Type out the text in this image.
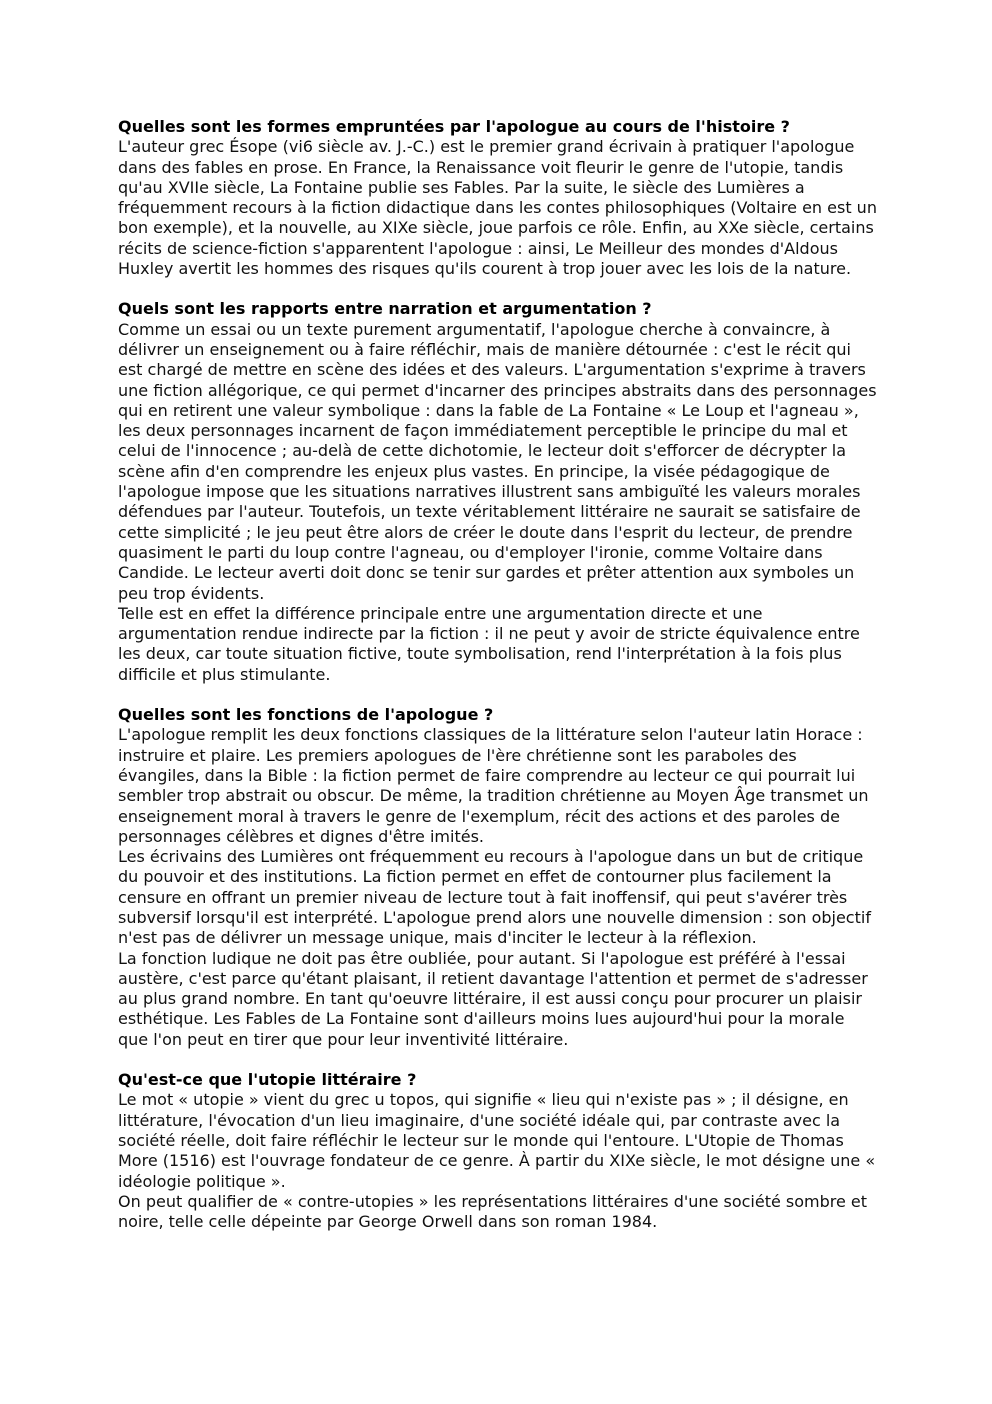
Quelles sont les formes empruntées par l'apologue au cours de l'histoire ?

L'auteur grec Ésope (vi6 siècle av. J.-C.) est le premier grand écrivain à pratiquer l'apologue dans des fables en prose. En France, la Renaissance voit fleurir le genre de l'utopie, tandis qu'au XVIIe siècle, La Fontaine publie ses Fables. Par la suite, le siècle des Lumières a fréquemment recours à la fiction didactique dans les contes philosophiques (Voltaire en est un bon exemple), et la nouvelle, au XIXe siècle, joue parfois ce rôle. Enfin, au XXe siècle, certains récits de science-fiction s'apparentent l'apologue : ainsi, Le Meilleur des mondes d'Aldous Huxley avertit les hommes des risques qu'ils courent à trop jouer avec les lois de la nature.

Quels sont les rapports entre narration et argumentation ?

Comme un essai ou un texte purement argumentatif, l'apologue cherche à convaincre, à délivrer un enseignement ou à faire réfléchir, mais de manière détournée : c'est le récit qui est chargé de mettre en scène des idées et des valeurs. L'argumentation s'exprime à travers une fiction allégorique, ce qui permet d'incarner des principes abstraits dans des personnages qui en retirent une valeur symbolique : dans la fable de La Fontaine « Le Loup et l'agneau », les deux personnages incarnent de façon immédiatement perceptible le principe du mal et celui de l'innocence ; au-delà de cette dichotomie, le lecteur doit s'efforcer de décrypter la scène afin d'en comprendre les enjeux plus vastes. En principe, la visée pédagogique de l'apologue impose que les situations narratives illustrent sans ambiguïté les valeurs morales défendues par l'auteur. Toutefois, un texte véritablement littéraire ne saurait se satisfaire de cette simplicité ; le jeu peut être alors de créer le doute dans l'esprit du lecteur, de prendre quasiment le parti du loup contre l'agneau, ou d'employer l'ironie, comme Voltaire dans Candide. Le lecteur averti doit donc se tenir sur gardes et prêter attention aux symboles un peu trop évidents.

Telle est en effet la différence principale entre une argumentation directe et une argumentation rendue indirecte par la fiction : il ne peut y avoir de stricte équivalence entre les deux, car toute situation fictive, toute symbolisation, rend l'interprétation à la fois plus difficile et plus stimulante.

Quelles sont les fonctions de l'apologue ?

L'apologue remplit les deux fonctions classiques de la littérature selon l'auteur latin Horace : instruire et plaire. Les premiers apologues de l'ère chrétienne sont les paraboles des évangiles, dans la Bible : la fiction permet de faire comprendre au lecteur ce qui pourrait lui sembler trop abstrait ou obscur. De même, la tradition chrétienne au Moyen Âge transmet un enseignement moral à travers le genre de l'exemplum, récit des actions et des paroles de personnages célèbres et dignes d'être imités.

Les écrivains des Lumières ont fréquemment eu recours à l'apologue dans un but de critique du pouvoir et des institutions. La fiction permet en effet de contourner plus facilement la censure en offrant un premier niveau de lecture tout à fait inoffensif, qui peut s'avérer très subversif lorsqu'il est interprété. L'apologue prend alors une nouvelle dimension : son objectif n'est pas de délivrer un message unique, mais d'inciter le lecteur à la réflexion.

La fonction ludique ne doit pas être oubliée, pour autant. Si l'apologue est préféré à l'essai austère, c'est parce qu'étant plaisant, il retient davantage l'attention et permet de s'adresser au plus grand nombre. En tant qu'oeuvre littéraire, il est aussi conçu pour procurer un plaisir esthétique. Les Fables de La Fontaine sont d'ailleurs moins lues aujourd'hui pour la morale que l'on peut en tirer que pour leur inventivité littéraire.

Qu'est-ce que l'utopie littéraire ?

Le mot « utopie » vient du grec u topos, qui signifie « lieu qui n'existe pas » ; il désigne, en littérature, l'évocation d'un lieu imaginaire, d'une société idéale qui, par contraste avec la société réelle, doit faire réfléchir le lecteur sur le monde qui l'entoure. L'Utopie de Thomas More (1516) est l'ouvrage fondateur de ce genre. À partir du XIXe siècle, le mot désigne une « idéologie politique ».

On peut qualifier de « contre-utopies » les représentations littéraires d'une société sombre et noire, telle celle dépeinte par George Orwell dans son roman 1984.
